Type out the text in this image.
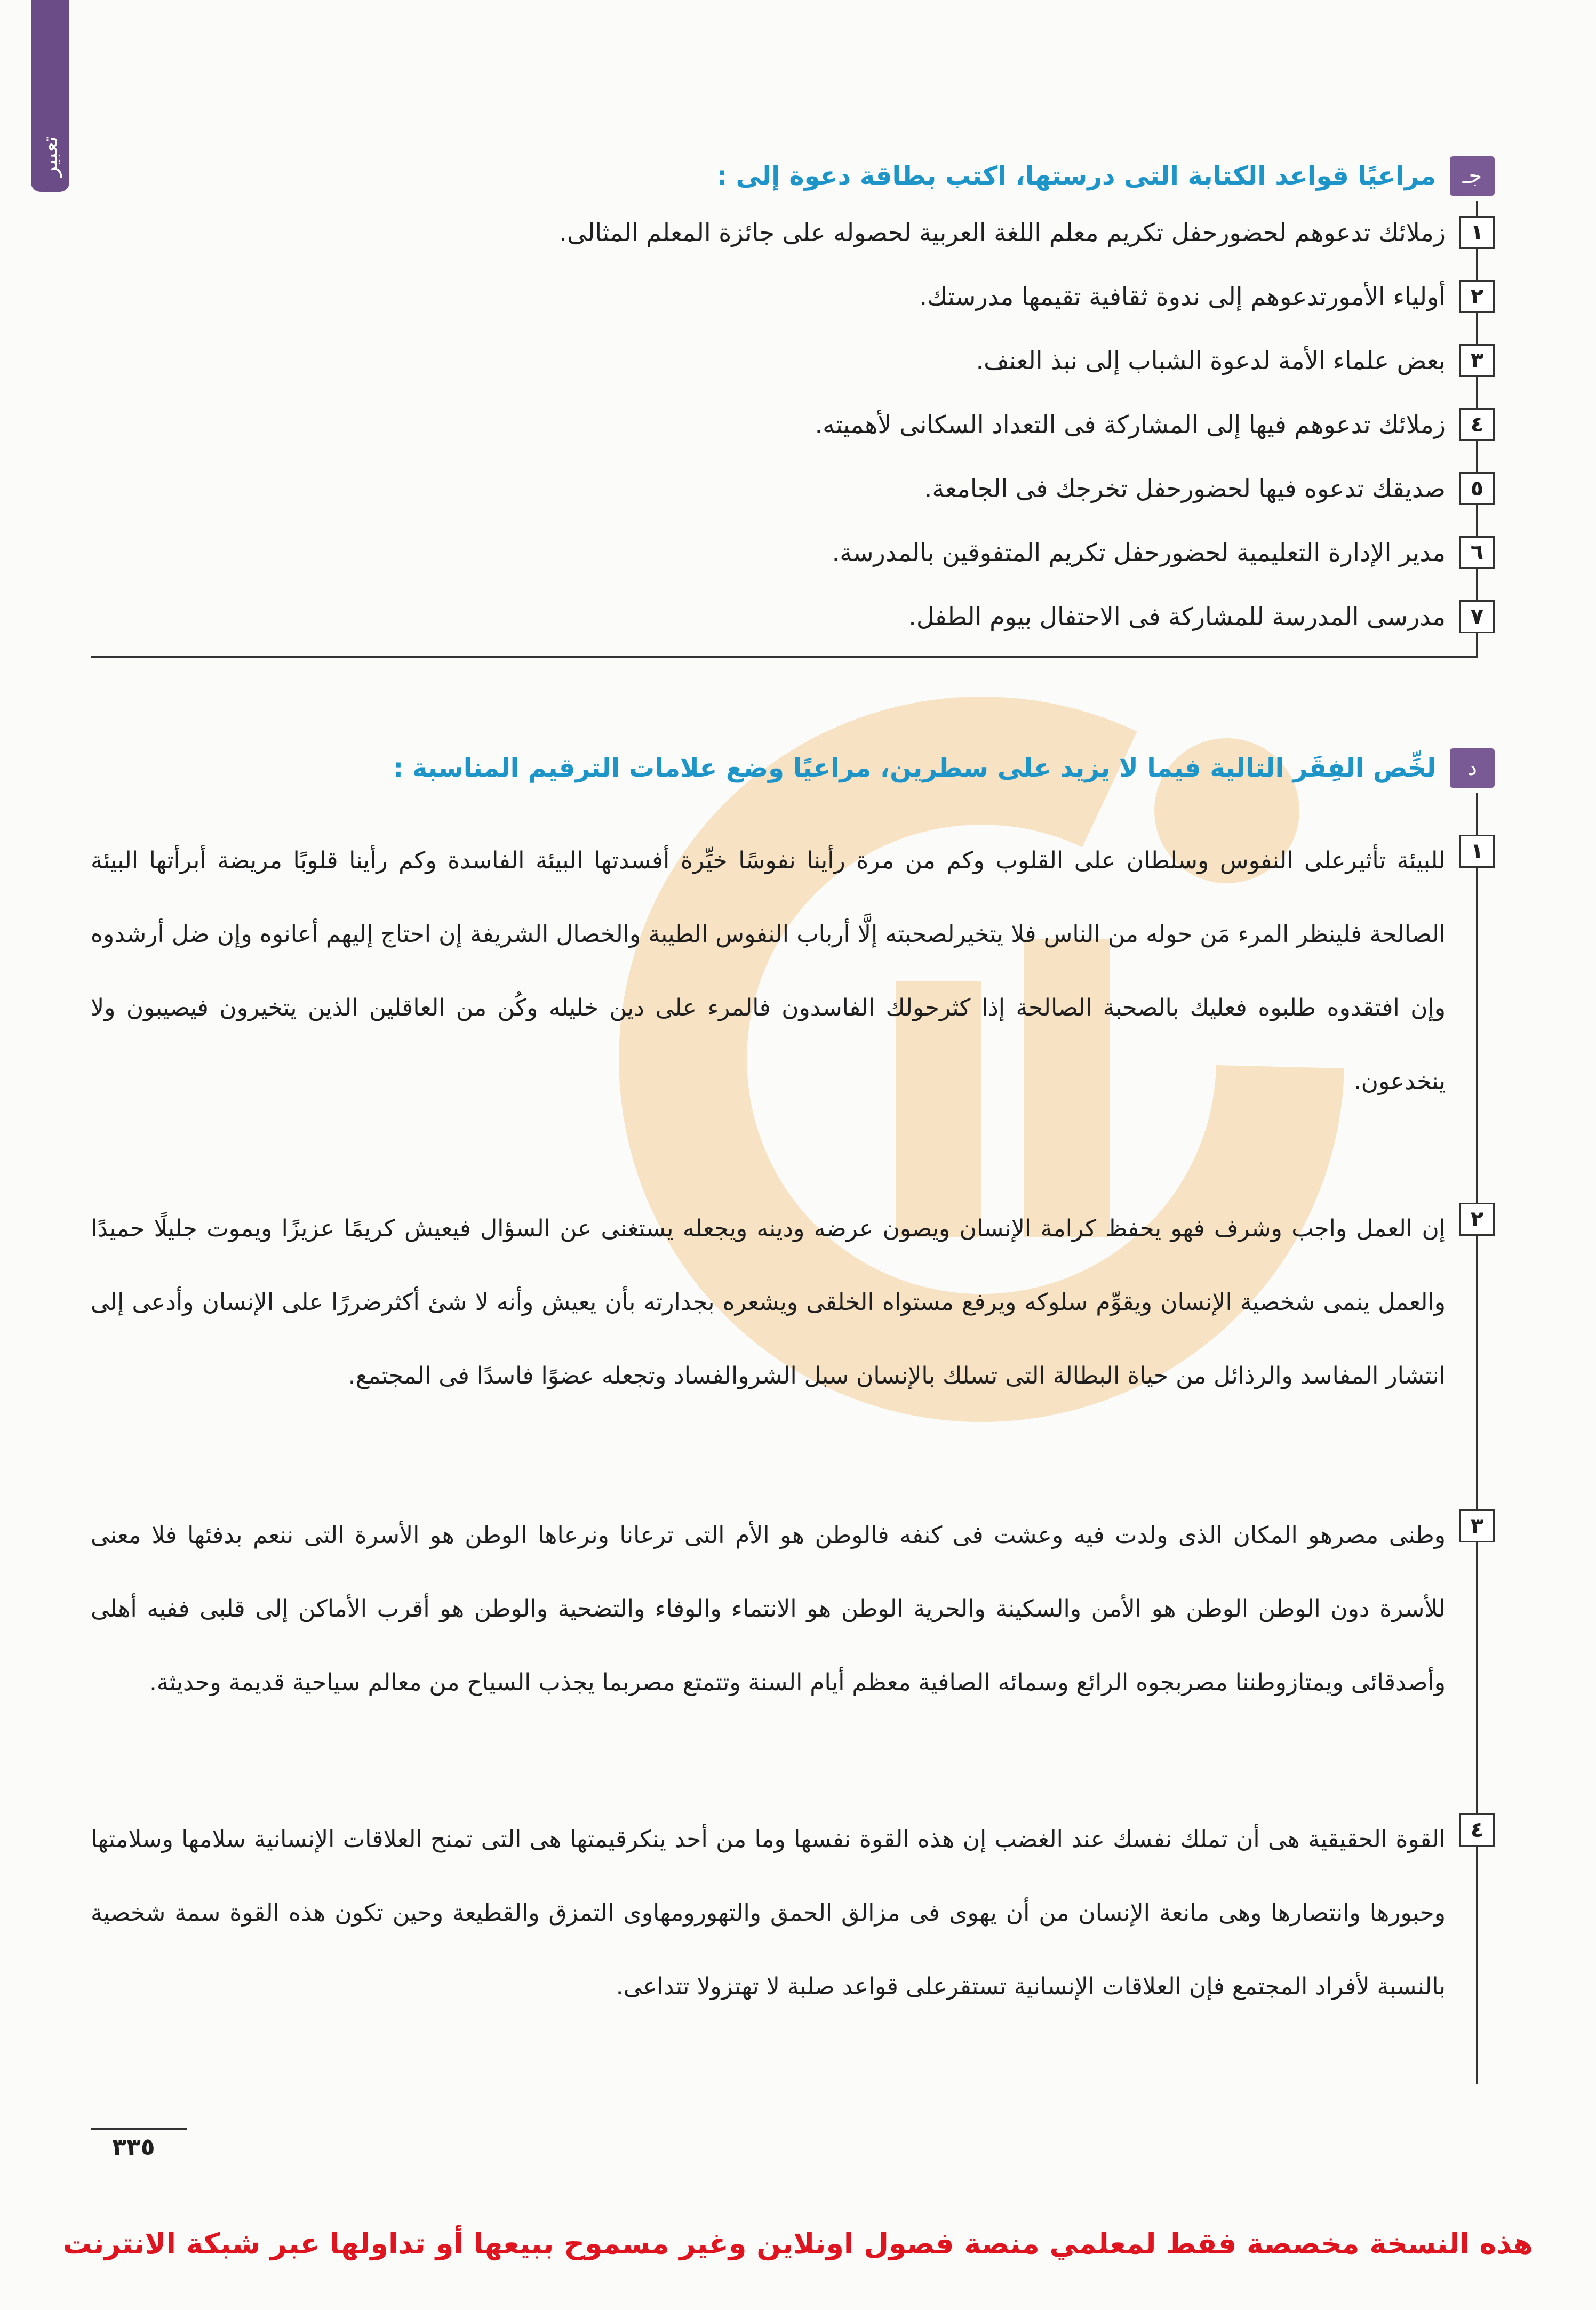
تعبير	جـ
مراعيًا قواعد الكتابة التى درستها، اكتب بطاقة دعوة إلى :
١
زملائك تدعوهم لحضورحفل تكريم معلم اللغة العربية لحصوله على جائزة المعلم المثالى.
٢
أولياء الأمورتدعوهم إلى ندوة ثقافية تقيمها مدرستك.
٣
بعض علماء الأمة لدعوة الشباب إلى نبذ العنف.
٤
زملائك تدعوهم فيها إلى المشاركة فى التعداد السكانى لأهميته.
٥
صديقك تدعوه فيها لحضورحفل تخرجك فى الجامعة.
٦
مدير الإدارة التعليمية لحضورحفل تكريم المتفوقين بالمدرسة.
٧
مدرسى المدرسة للمشاركة فى الاحتفال بيوم الطفل.
د
لخِّص الفِقَر التالية فيما لا يزيد على سطرين، مراعيًا وضع علامات الترقيم المناسبة :
١
للبيئة تأثيرعلى النفوس وسلطان على القلوب وكم من مرة رأينا نفوسًا خيِّرة أفسدتها البيئة الفاسدة وكم رأينا قلوبًا مريضة أبرأتها البيئة الصالحة فلينظر المرء مَن حوله من الناس فلا يتخيرلصحبته إلَّا أرباب النفوس الطيبة والخصال الشريفة إن احتاج إليهم أعانوه وإن ضل أرشدوه وإن افتقدوه طلبوه فعليك بالصحبة الصالحة إذا كثرحولك الفاسدون فالمرء على دين خليله وكُن من العاقلين الذين يتخيرون فيصيبون ولا ينخدعون.
٢
إن العمل واجب وشرف فهو يحفظ كرامة الإنسان ويصون عرضه ودينه ويجعله يستغنى عن السؤال فيعيش كريمًا عزيزًا ويموت جليلًا حميدًا والعمل ينمى شخصية الإنسان ويقوِّم سلوكه ويرفع مستواه الخلقى ويشعره بجدارته بأن يعيش وأنه لا شئ أكثرضررًا على الإنسان وأدعى إلى انتشار المفاسد والرذائل من حياة البطالة التى تسلك بالإنسان سبل الشروالفساد وتجعله عضوًا فاسدًا فى المجتمع.
٣
وطنى مصرهو المكان الذى ولدت فيه وعشت فى كنفه فالوطن هو الأم التى ترعانا ونرعاها الوطن هو الأسرة التى ننعم بدفئها فلا معنى للأسرة دون الوطن الوطن هو الأمن والسكينة والحرية الوطن هو الانتماء والوفاء والتضحية والوطن هو أقرب الأماكن إلى قلبى ففيه أهلى وأصدقائى ويمتازوطننا مصربجوه الرائع وسمائه الصافية معظم أيام السنة وتتمتع مصربما يجذب السياح من معالم سياحية قديمة وحديثة.
٤
القوة الحقيقية هى أن تملك نفسك عند الغضب إن هذه القوة نفسها وما من أحد ينكرقيمتها هى التى تمنح العلاقات الإنسانية سلامها وسلامتها وحبورها وانتصارها وهى مانعة الإنسان من أن يهوى فى مزالق الحمق والتهورومهاوى التمزق والقطيعة وحين تكون هذه القوة سمة شخصية بالنسبة لأفراد المجتمع فإن العلاقات الإنسانية تستقرعلى قواعد صلبة لا تهتزولا تتداعى.
٣٣٥
هذه النسخة مخصصة فقط لمعلمي منصة فصول اونلاين وغير مسموح ببيعها أو تداولها عبر شبكة الانترنت
